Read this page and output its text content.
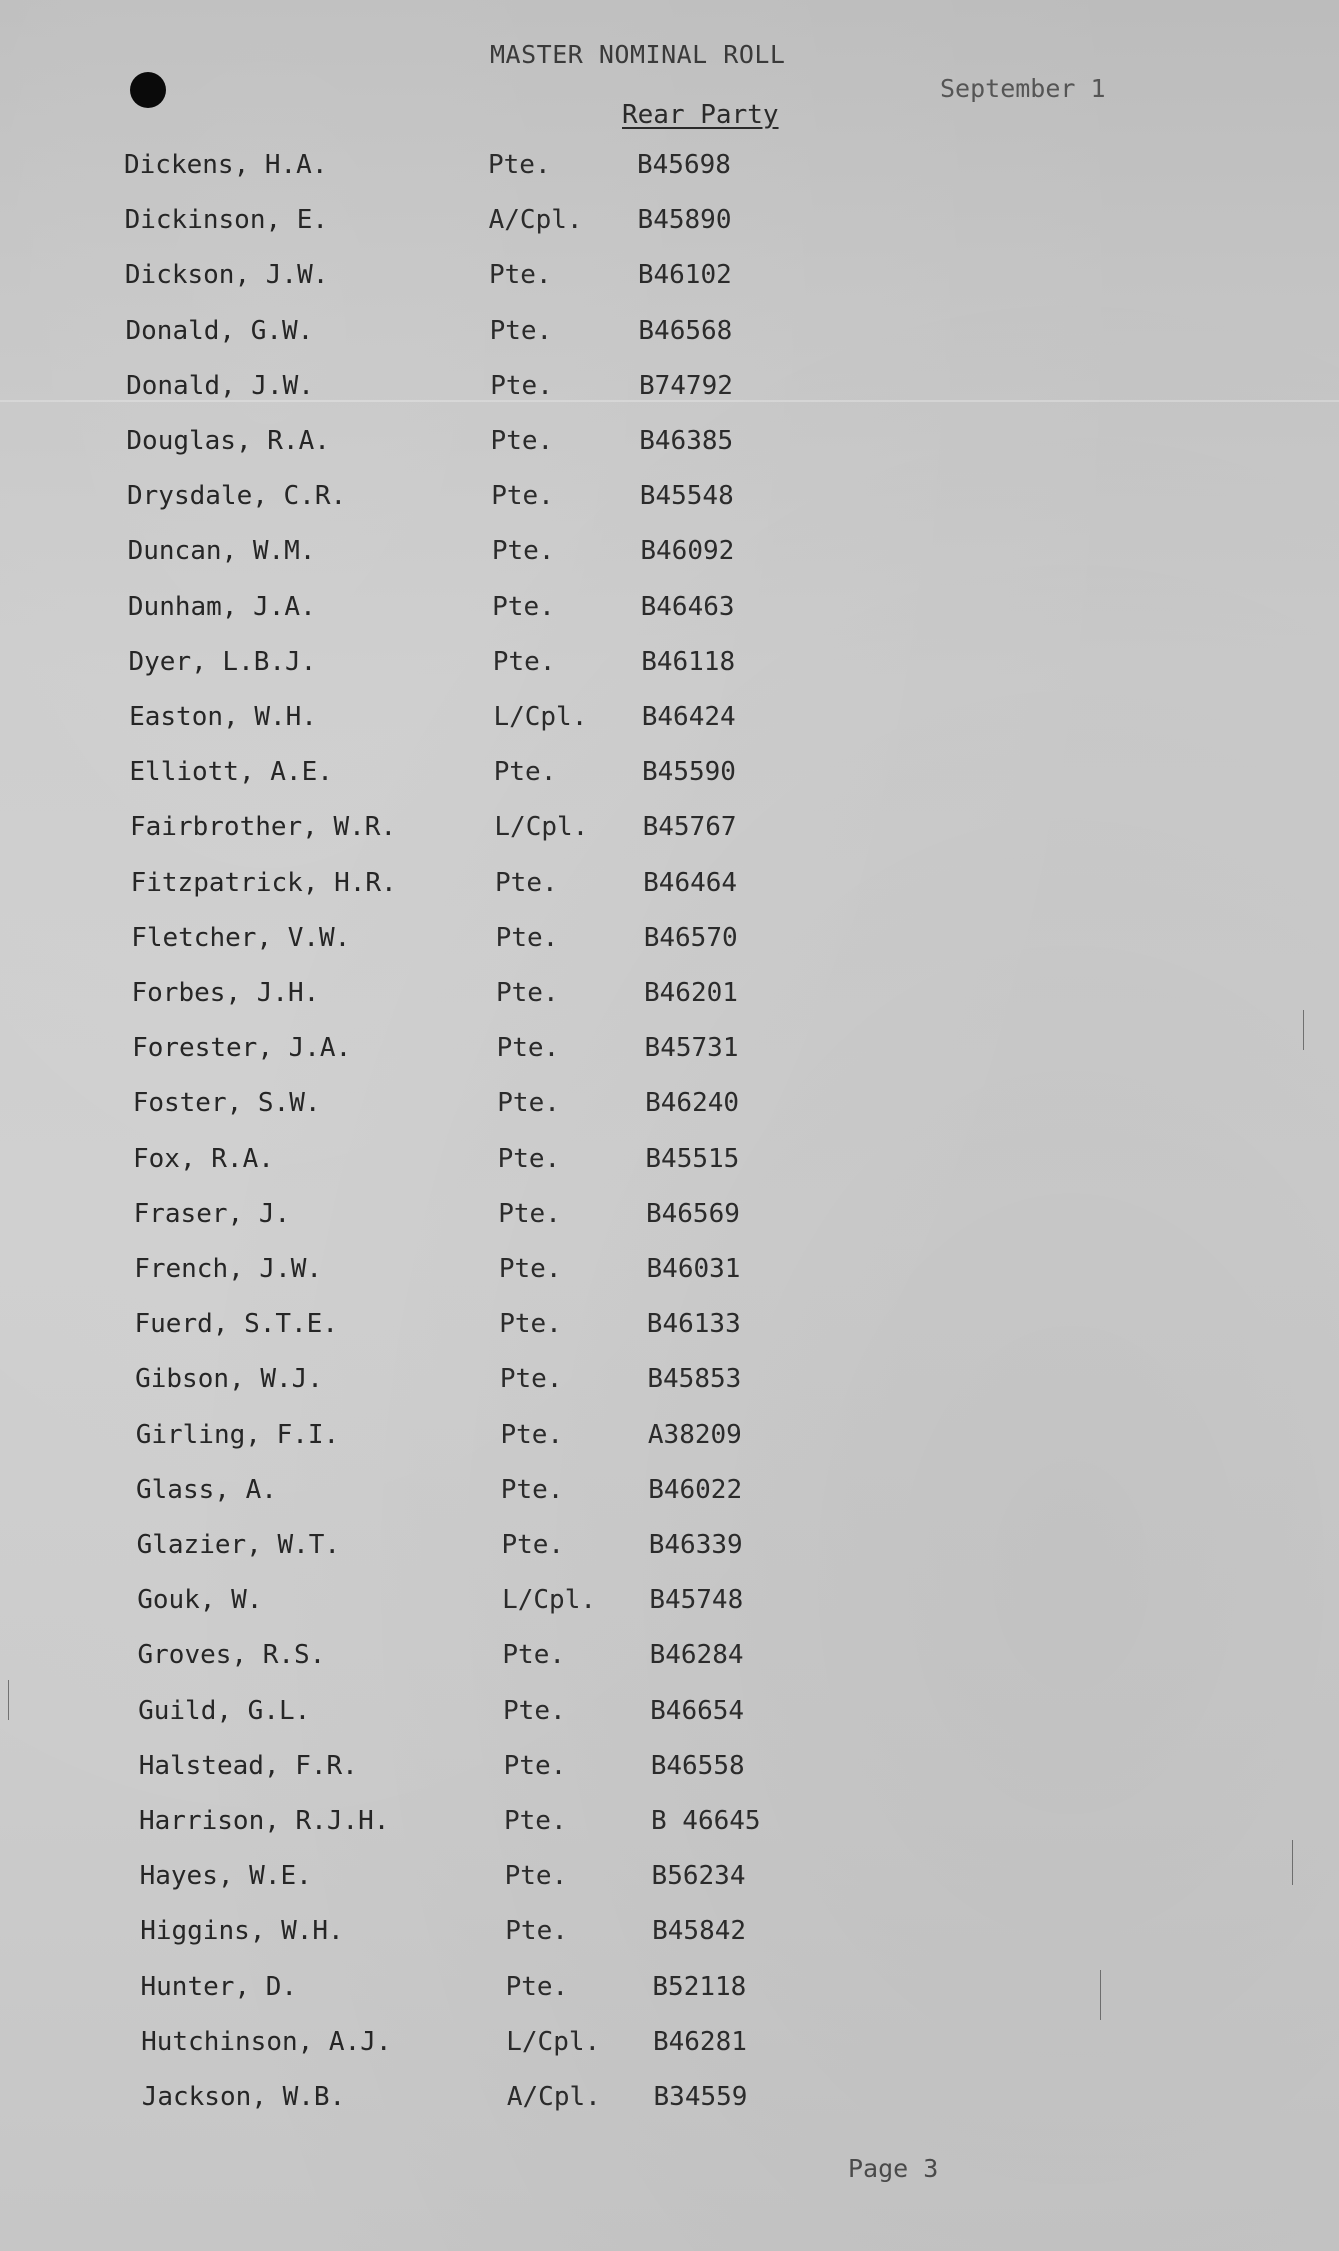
MASTER NOMINAL ROLL
September 1
Rear Party
Dickens, H.A.	Pte.	B45698
Dickinson, E.	A/Cpl. B45890
Dickson, J.W.	Pte.	B46102
Donald, G.W.	Pte.	B46568
Donald, J.W.	Pte.	B74792
Douglas, R.A.	Pte.	B46385
Drysdale, C.R.	Pte.	B45548
Duncan, W.M.	Pte.	B46092
Dunham, J.A.	Pte.	B46463
Dyer, L.B.J.	Pte.	B46118
Easton, W.H.	L/Cpl. B46424
Elliott, A.E.	Pte.	B45590
Fairbrother, W.R.	L/Cpl. B45767
Fitzpatrick, H.R.	Pte.	B46464
Fletcher, V.W.	Pte.	B46570
Forbes, J.H.	Pte.	B46201
Forester, J.A.	Pte.	B45731
Foster, S.W.	Pte.	B46240
Fox, R.A.	Pte.	B45515
Fraser, J.	Pte.	B46569
French, J.W.	Pte.	B46031
Fuerd, S.T.E.	Pte.	B46133
Gibson, W.J.	Pte.	B45853
Girling, F.I.	Pte.	A38209
Glass, A.	Pte.	B46022
Glazier, W.T.	Pte.	B46339
Gouk, W.	L/Cpl. B45748
Groves, R.S.	Pte.	B46284
Guild, G.L.	Pte.	B46654
Halstead, F.R.	Pte.	B46558
Harrison, R.J.H.	Pte.	B 46645
Hayes, W.E.	Pte.	B56234
Higgins, W.H.	Pte.	B45842
Hunter, D.	Pte.	B52118
Hutchinson, A.J.	L/Cpl. B46281
Jackson, W.B.	A/Cpl. B34559
Page 3
